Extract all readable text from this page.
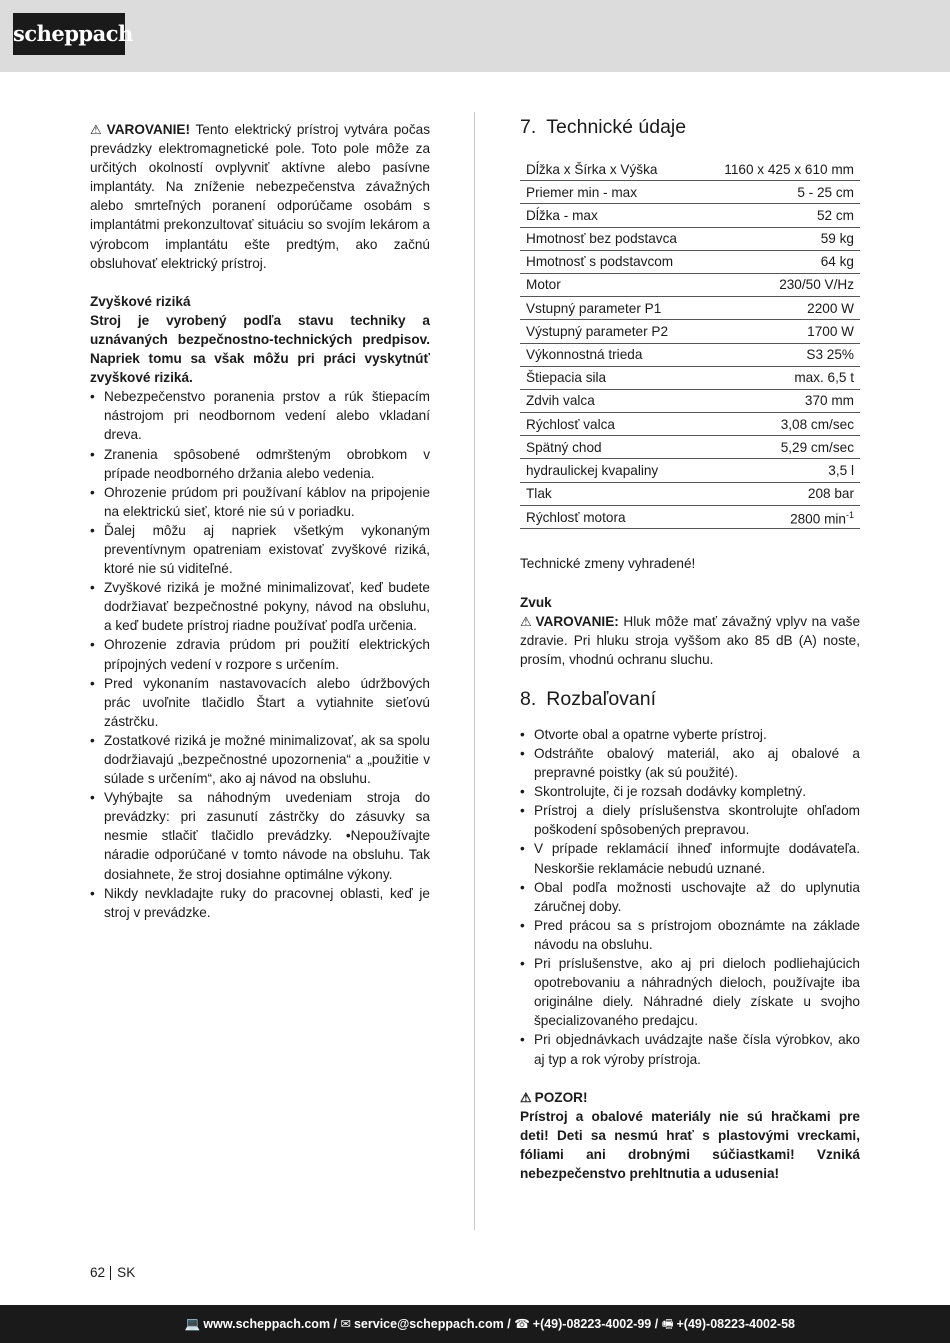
scheppach

⚠ VAROVANIE! Tento elektrický prístroj vytvára počas prevádzky elektromagnetické pole. Toto pole môže za určitých okolností ovplyvniť aktívne alebo pasívne implantáty. Na zníženie nebezpečenstva závažných alebo smrteľných poranení odporúčame osobám s implantátmi prekonzultovať situáciu so svojím lekárom a výrobcom implantátu ešte predtým, ako začnú obsluhovať elektrický prístroj.

Zvyškové riziká

Stroj je vyrobený podľa stavu techniky a uznávaných bezpečnostno-technických predpisov. Napriek tomu sa však môžu pri práci vyskytnúť zvyškové riziká.

• Nebezpečenstvo poranenia prstov a rúk štiepacím nástrojom pri neodbornom vedení alebo vkladaní dreva.
• Zranenia spôsobené odmršteným obrobkom v prípade neodborného držania alebo vedenia.
• Ohrozenie prúdom pri používaní káblov na pripojenie na elektrickú sieť, ktoré nie sú v poriadku.
• Ďalej môžu aj napriek všetkým vykonaným preventívnym opatreniam existovať zvyškové riziká, ktoré nie sú viditeľné.
• Zvyškové riziká je možné minimalizovať, keď budete dodržiavať bezpečnostné pokyny, návod na obsluhu, a keď budete prístroj riadne používať podľa určenia.
• Ohrozenie zdravia prúdom pri použití elektrických prípojných vedení v rozpore s určením.
• Pred vykonaním nastavovacích alebo údržbových prác uvoľnite tlačidlo Štart a vytiahnite sieťovú zástrčku.
• Zostatkové riziká je možné minimalizovať, ak sa spolu dodržiavajú „bezpečnostné upozornenia“ a „použitie v súlade s určením“, ako aj návod na obsluhu.
• Vyhýbajte sa náhodným uvedeniam stroja do prevádzky: pri zasunutí zástrčky do zásuvky sa nesmie stlačiť tlačidlo prevádzky. •Nepoužívajte náradie odporúčané v tomto návode na obsluhu. Tak dosiahnete, že stroj dosiahne optimálne výkony.
• Nikdy nevkladajte ruky do pracovnej oblasti, keď je stroj v prevádzke.
7. Technické údaje
Dĺžka x Šírka x Výška	1160 x 425 x 610 mm
Priemer min - max	5 - 25 cm
Dĺžka - max	52 cm
Hmotnosť bez podstavca	59 kg
Hmotnosť s podstavcom	64 kg
Motor	230/50 V/Hz
Vstupný parameter P1	2200 W
Výstupný parameter P2	1700 W
Výkonnostná trieda	S3 25%
Štiepacia sila	max. 6,5 t
Zdvih valca	370 mm
Rýchlosť valca	3,08 cm/sec
Spätný chod	5,29 cm/sec
hydraulickej kvapaliny	3,5 l
Tlak	208 bar
Rýchlosť motora	2800 $\min^{-1}$

Technické zmeny vyhradené!

Zvuk

⚠ VAROVANIE: Hluk môže mať závažný vplyv na vaše zdravie. Pri hluku stroja vyššom ako 85 dB (A) noste, prosím, vhodnú ochranu sluchu.

8. Rozbaľovaní
• Otvorte obal a opatrne vyberte prístroj.
• Odstráňte obalový materiál, ako aj obalové a prepravné poistky (ak sú použité).
• Skontrolujte, či je rozsah dodávky kompletný.
• Prístroj a diely príslušenstva skontrolujte ohľadom poškodení spôsobených prepravou.
• V prípade reklamácií ihneď informujte dodávateľa. Neskoršie reklamácie nebudú uznané.
• Obal podľa možnosti uschovajte až do uplynutia záručnej doby.
• Pred prácou sa s prístrojom oboznámte na základe návodu na obsluhu.
• Pri príslušenstve, ako aj pri dieloch podliehajúcich opotrebovaniu a náhradných dieloch, používajte iba originálne diely. Náhradné diely získate u svojho špecializovaného predajcu.
• Pri objednávkach uvádzajte naše čísla výrobkov, ako aj typ a rok výroby prístroja.

⚠ POZOR!

Prístroj a obalové materiály nie sú hračkami pre deti! Deti sa nesmú hrať s plastovými vreckami, fóliami ani drobnými súčiastkami! Vzniká nebezpečenstvo prehltnutia a udusenia!

62 SK
💻 www.scheppach.com / ✉ service@scheppach.com / ☎ +(49)-08223-4002-99 / 🖷 +(49)-08223-4002-58
